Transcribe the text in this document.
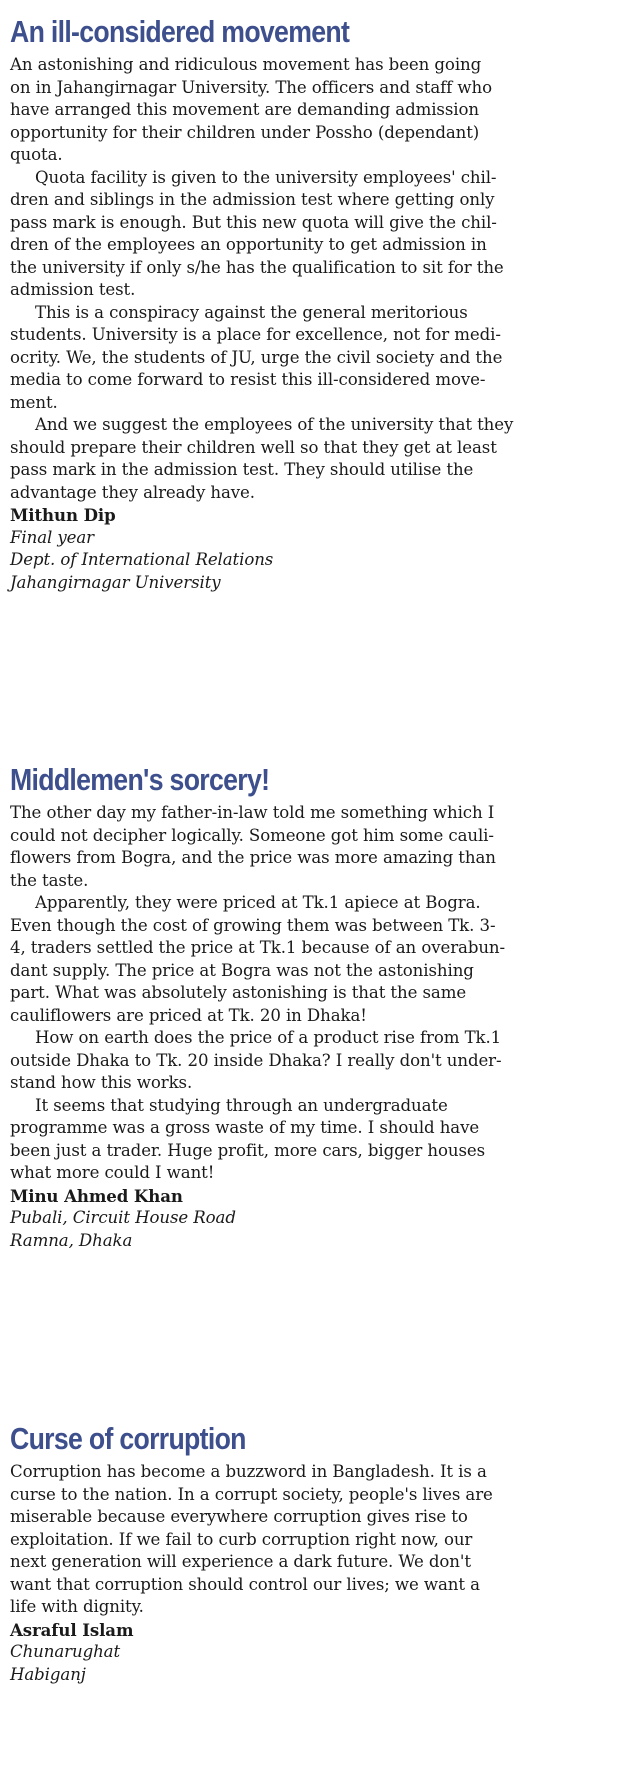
An ill-considered movement
An astonishing and ridiculous movement has been going
on in Jahangirnagar University. The officers and staff who
have arranged this movement are demanding admission
opportunity for their children under Possho (dependant)
quota.
Quota facility is given to the university employees' chil-
dren and siblings in the admission test where getting only
pass mark is enough. But this new quota will give the chil-
dren of the employees an opportunity to get admission in
the university if only s/he has the qualification to sit for the
admission test.
This is a conspiracy against the general meritorious
students. University is a place for excellence, not for medi-
ocrity. We, the students of JU, urge the civil society and the
media to come forward to resist this ill-considered move-
ment.
And we suggest the employees of the university that they
should prepare their children well so that they get at least
pass mark in the admission test. They should utilise the
advantage they already have.
Mithun Dip
Final year
Dept. of International Relations
Jahangirnagar University
Middlemen's sorcery!
The other day my father-in-law told me something which I
could not decipher logically. Someone got him some cauli-
flowers from Bogra, and the price was more amazing than
the taste.
Apparently, they were priced at Tk.1 apiece at Bogra.
Even though the cost of growing them was between Tk. 3-
4, traders settled the price at Tk.1 because of an overabun-
dant supply. The price at Bogra was not the astonishing
part. What was absolutely astonishing is that the same
cauliflowers are priced at Tk. 20 in Dhaka!
How on earth does the price of a product rise from Tk.1
outside Dhaka to Tk. 20 inside Dhaka? I really don't under-
stand how this works.
It seems that studying through an undergraduate
programme was a gross waste of my time. I should have
been just a trader. Huge profit, more cars, bigger houses
what more could I want!
Minu Ahmed Khan
Pubali, Circuit House Road
Ramna, Dhaka
Curse of corruption
Corruption has become a buzzword in Bangladesh. It is a
curse to the nation. In a corrupt society, people's lives are
miserable because everywhere corruption gives rise to
exploitation. If we fail to curb corruption right now, our
next generation will experience a dark future. We don't
want that corruption should control our lives; we want a
life with dignity.
Asraful Islam
Chunarughat
Habiganj
